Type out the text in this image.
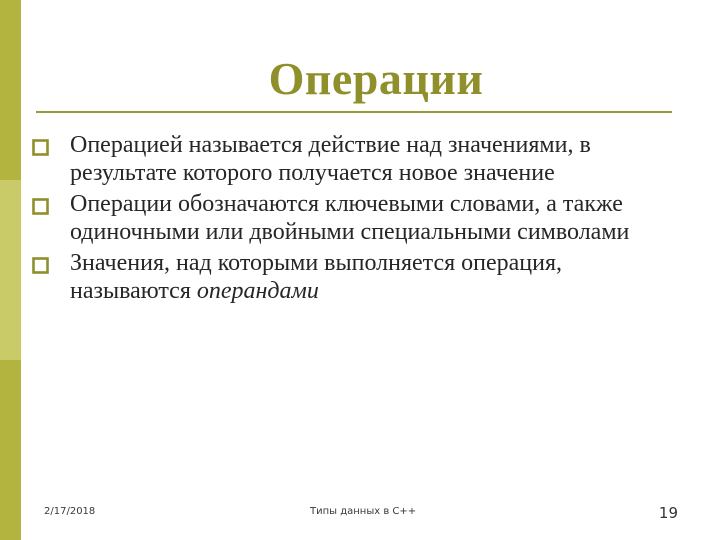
Операции
Операцией называется действие над значениями, в результате которого получается новое значение
Операции обозначаются ключевыми словами, а также одиночными или двойными специальными символами
Значения, над которыми выполняется операция, называются операндами
2/17/2018	Типы данных в С++	19
